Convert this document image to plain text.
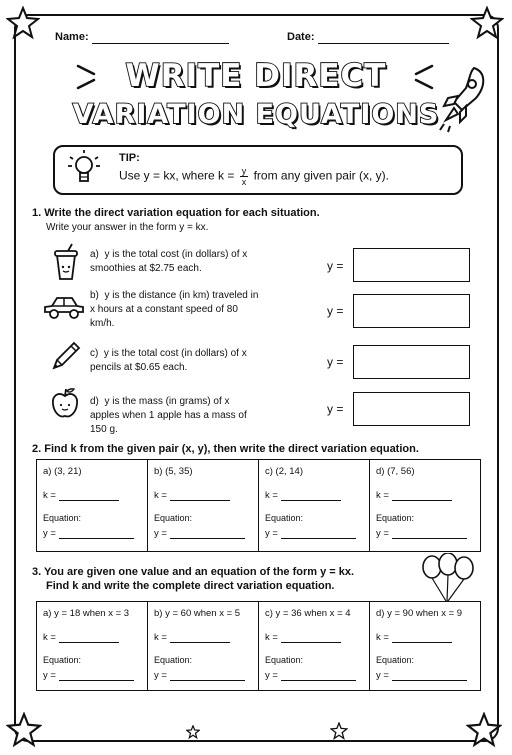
Name:	Date:
WRITE DIRECT
VARIATION EQUATIONS
TIP:
Use y = kx, where $k = \frac{y}{x}$ from any given pair (x, y).
1. Write the direct variation equation for each situation.
Write your answer in the form y = kx.
a) y is the total cost (in dollars) of x smoothies at $2.75 each.	y =
b) y is the distance (in km) traveled in x hours at a constant speed of 80 km/h.
y =
c) y is the total cost (in dollars) of x pencils at $0.65 each.	y =
d) y is the mass (in grams) of x apples when 1 apple has a mass of 150 g.
y =
2. Find k from the given pair (x, y), then write the direct variation equation.
a) (3, 21)
k =
Equation:
y =
b) (5, 35)
k =
Equation:
y =
c) (2, 14)
k =
Equation:
y =
d) (7, 56)
k =
Equation:
y =
3. You are given one value and an equation of the form y = kx.
Find k and write the complete direct variation equation.
a) y = 18 when x = 3
k =
Equation:
y =
b) y = 60 when x = 5
k =
Equation:
y =
c) y = 36 when x = 4
k =
Equation:
y =
d) y = 90 when x = 9
k =
Equation:
y =
